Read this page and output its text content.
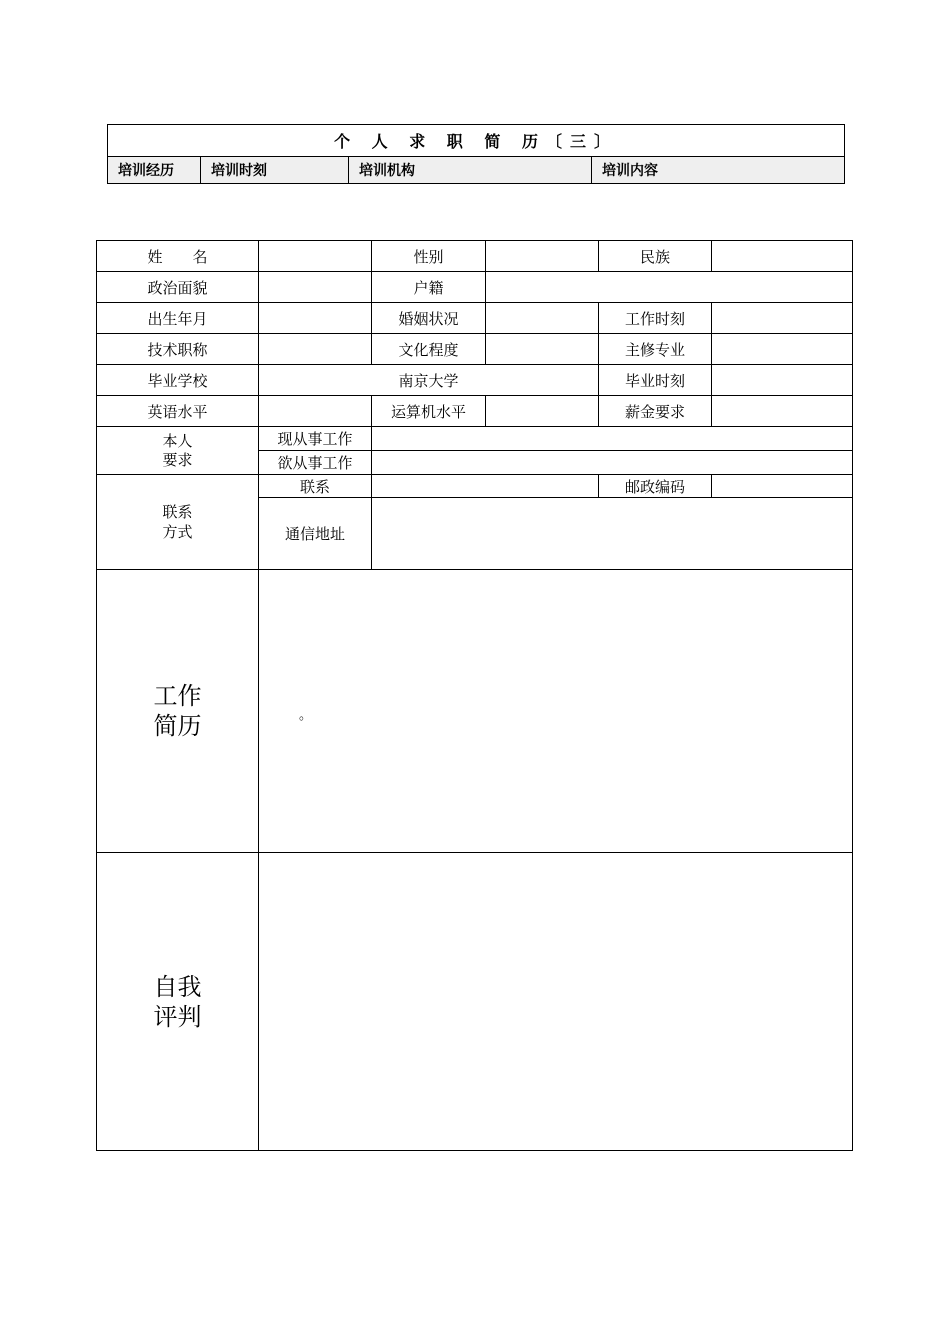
个 人 求 职 简 历〔三〕
培训经历	培训时刻	培训机构	培训内容
姓　　名		性别		民族	
政治面貌		户籍			
出生年月		婚姻状况		工作时刻	
技术职称		文化程度		主修专业	
毕业学校	南京大学			毕业时刻	
英语水平		运算机水平		薪金要求	

本人
要求	现从事工作				
	欲从事工作				

联系
方式	联系			邮政编码	
	通信地址				

工作
简历	。				

自我
评判					
